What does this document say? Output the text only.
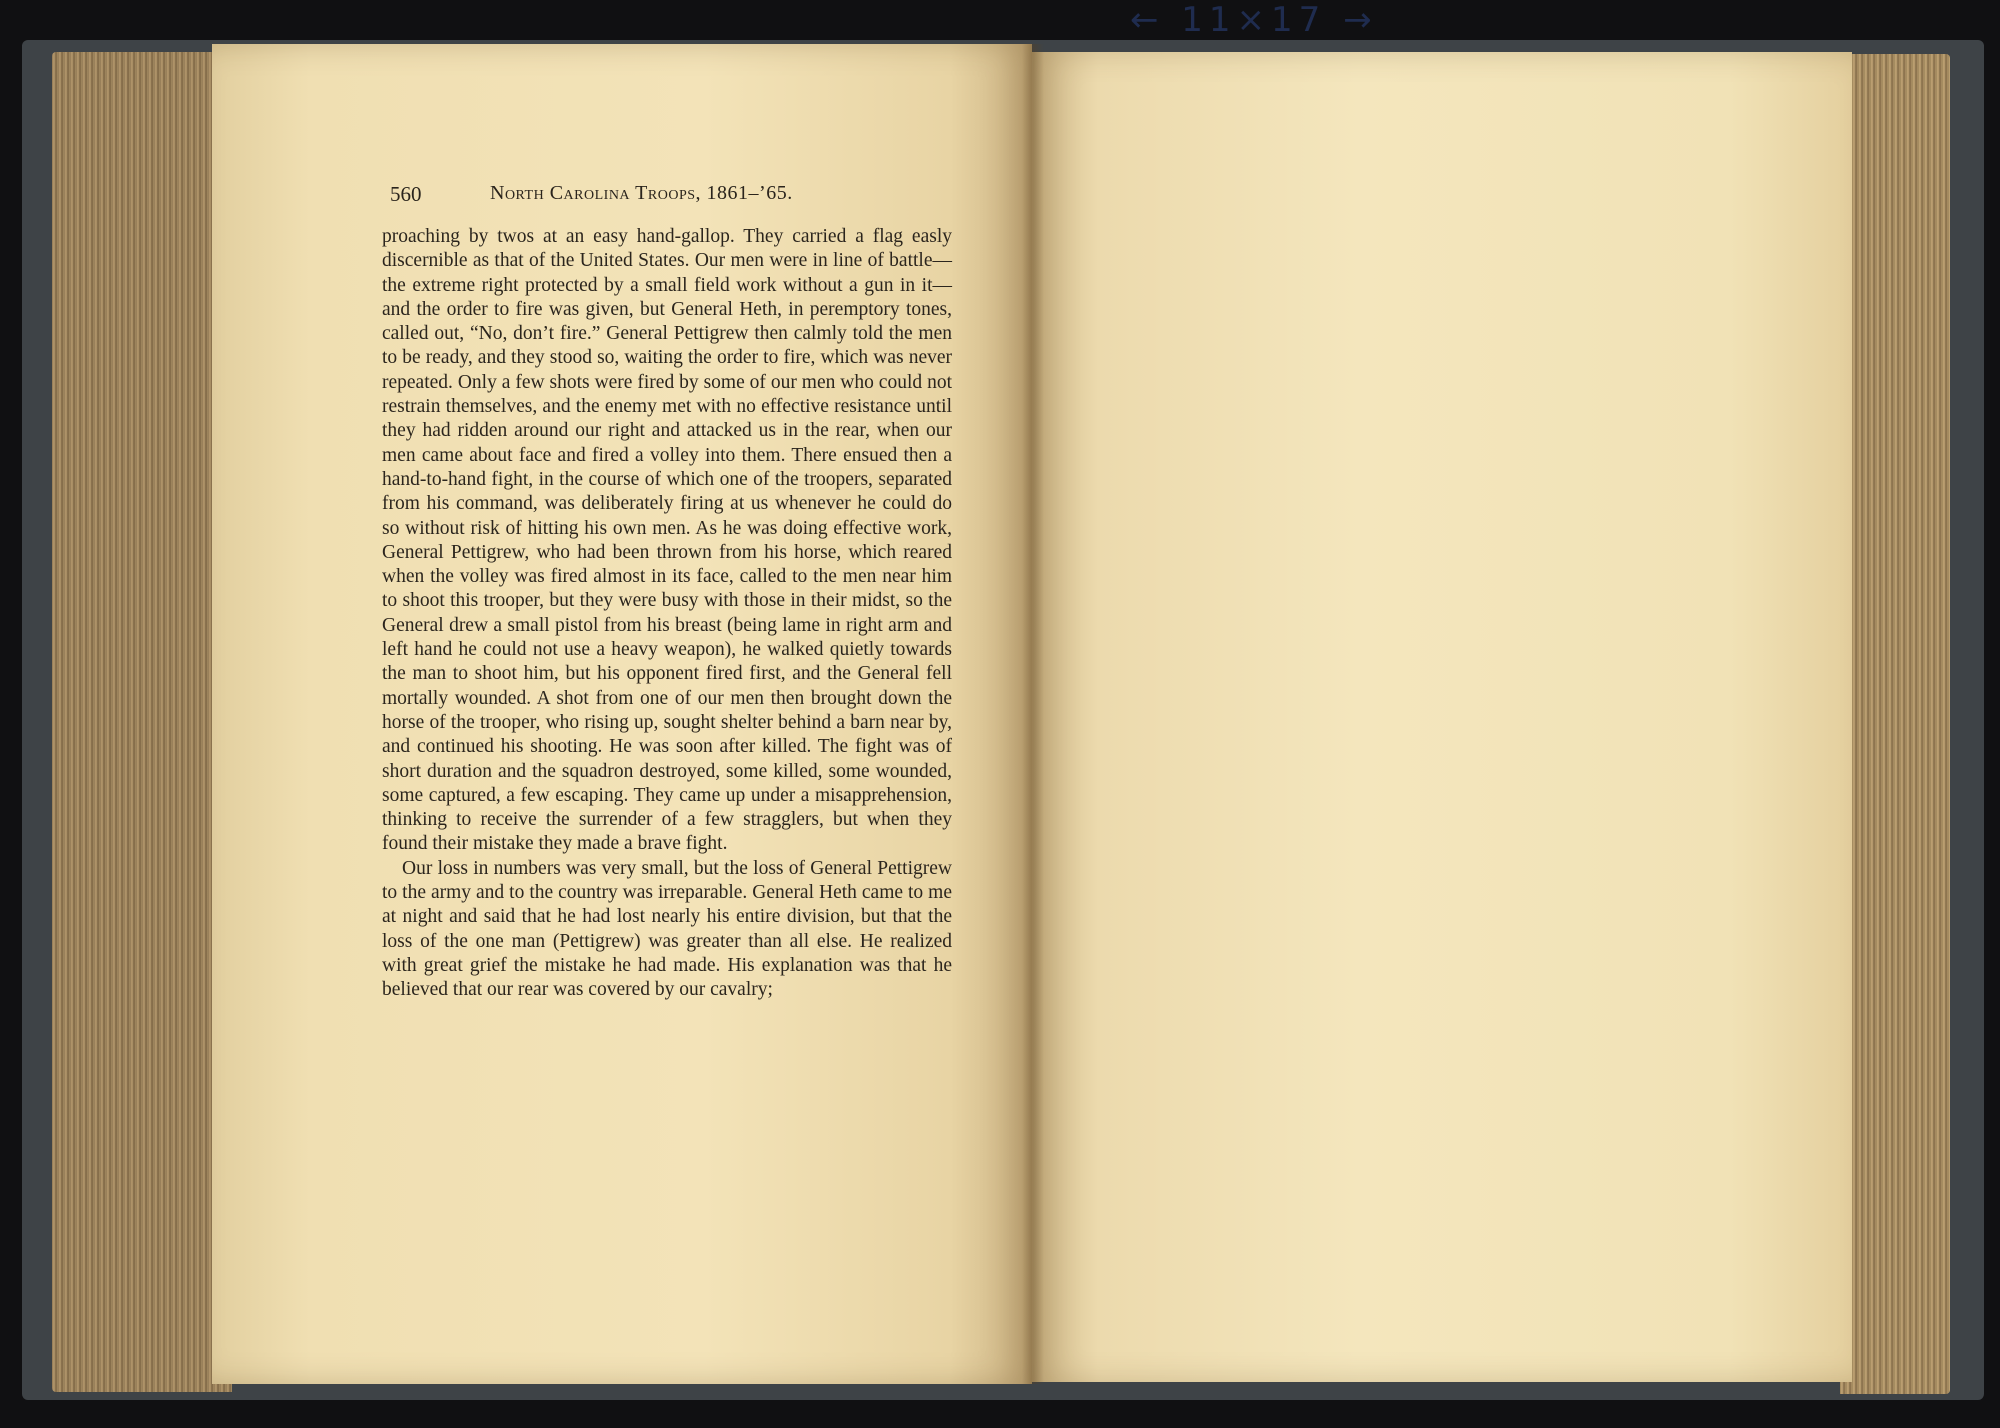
← 11×17 →
560	North Carolina Troops, 1861–’65.

proaching by twos at an easy hand-gallop. They carried a flag easly discernible as that of the United States. Our men were in line of battle—the extreme right protected by a small field work without a gun in it—and the order to fire was given, but General Heth, in peremptory tones, called out, “No, don’t fire.” General Pettigrew then calmly told the men to be ready, and they stood so, waiting the order to fire, which was never repeated. Only a few shots were fired by some of our men who could not restrain themselves, and the enemy met with no effective resistance until they had ridden around our right and attacked us in the rear, when our men came about face and fired a volley into them. There ensued then a hand-to-hand fight, in the course of which one of the troopers, separated from his command, was deliberately firing at us whenever he could do so without risk of hitting his own men. As he was doing effective work, General Pettigrew, who had been thrown from his horse, which reared when the volley was fired almost in its face, called to the men near him to shoot this trooper, but they were busy with those in their midst, so the General drew a small pistol from his breast (being lame in right arm and left hand he could not use a heavy weapon), he walked quietly towards the man to shoot him, but his opponent fired first, and the General fell mortally wounded. A shot from one of our men then brought down the horse of the trooper, who rising up, sought shelter behind a barn near by, and continued his shooting. He was soon after killed. The fight was of short duration and the squadron destroyed, some killed, some wounded, some captured, a few escaping. They came up under a misapprehension, thinking to receive the surrender of a few stragglers, but when they found their mistake they made a brave fight.

Our loss in numbers was very small, but the loss of General Pettigrew to the army and to the country was irreparable. General Heth came to me at night and said that he had lost nearly his entire division, but that the loss of the one man (Pettigrew) was greater than all else. He realized with great grief the mistake he had made. His explanation was that he believed that our rear was covered by our cavalry;
